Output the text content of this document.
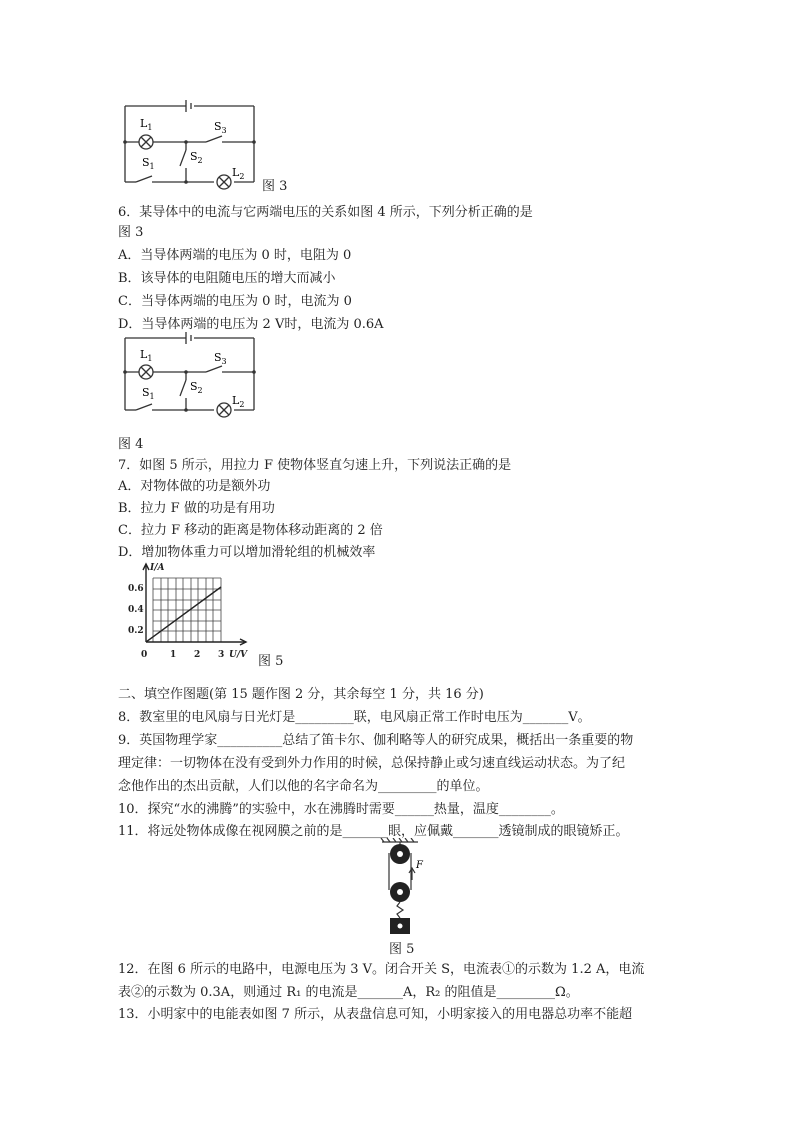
$L_1$	$S_3$
$S_1$
$S_2$
$L_2$
图 3
6．某导体中的电流与它两端电压的关系如图 4 所示，下列分析正确的是
图 3
A．当导体两端的电压为 0 时，电阻为 0
B．该导体的电阻随电压的增大而减小
C．当导体两端的电压为 0 时，电流为 0
D．当导体两端的电压为 2 V时，电流为 0.6A
$L_1$	$S_3$
$S_1$
$S_2$
$L_2$
图 4
7．如图 5 所示，用拉力 F 使物体竖直匀速上升，下列说法正确的是
A．对物体做的功是额外功
B．拉力 F 做的功是有用功
C．拉力 F 移动的距离是物体移动距离的 2 倍
D．增加物体重力可以增加滑轮组的机械效率
I/A
0.6
0.4
0.2
0	1 2 3 U/V 图 5
二、填空作图题(第 15 题作图 2 分，其余每空 1 分，共 16 分)
8．教室里的电风扇与日光灯是_________联，电风扇正常工作时电压为_______V。
9．英国物理学家__________总结了笛卡尔、伽利略等人的研究成果，概括出一条重要的物
理定律：一切物体在没有受到外力作用的时候，总保持静止或匀速直线运动状态。为了纪
念他作出的杰出贡献，人们以他的名字命名为_________的单位。
10．探究“水的沸腾”的实验中，水在沸腾时需要______热量，温度________。
11．将远处物体成像在视网膜之前的是_______眼，应佩戴_______透镜制成的眼镜矫正。
F
图 5
12．在图 6 所示的电路中，电源电压为 3 V。闭合开关 S，电流表①的示数为 1.2 A，电流
表②的示数为 0.3A，则通过 R₁ 的电流是_______A，R₂ 的阻值是_________Ω。
13．小明家中的电能表如图 7 所示，从表盘信息可知，小明家接入的用电器总功率不能超
